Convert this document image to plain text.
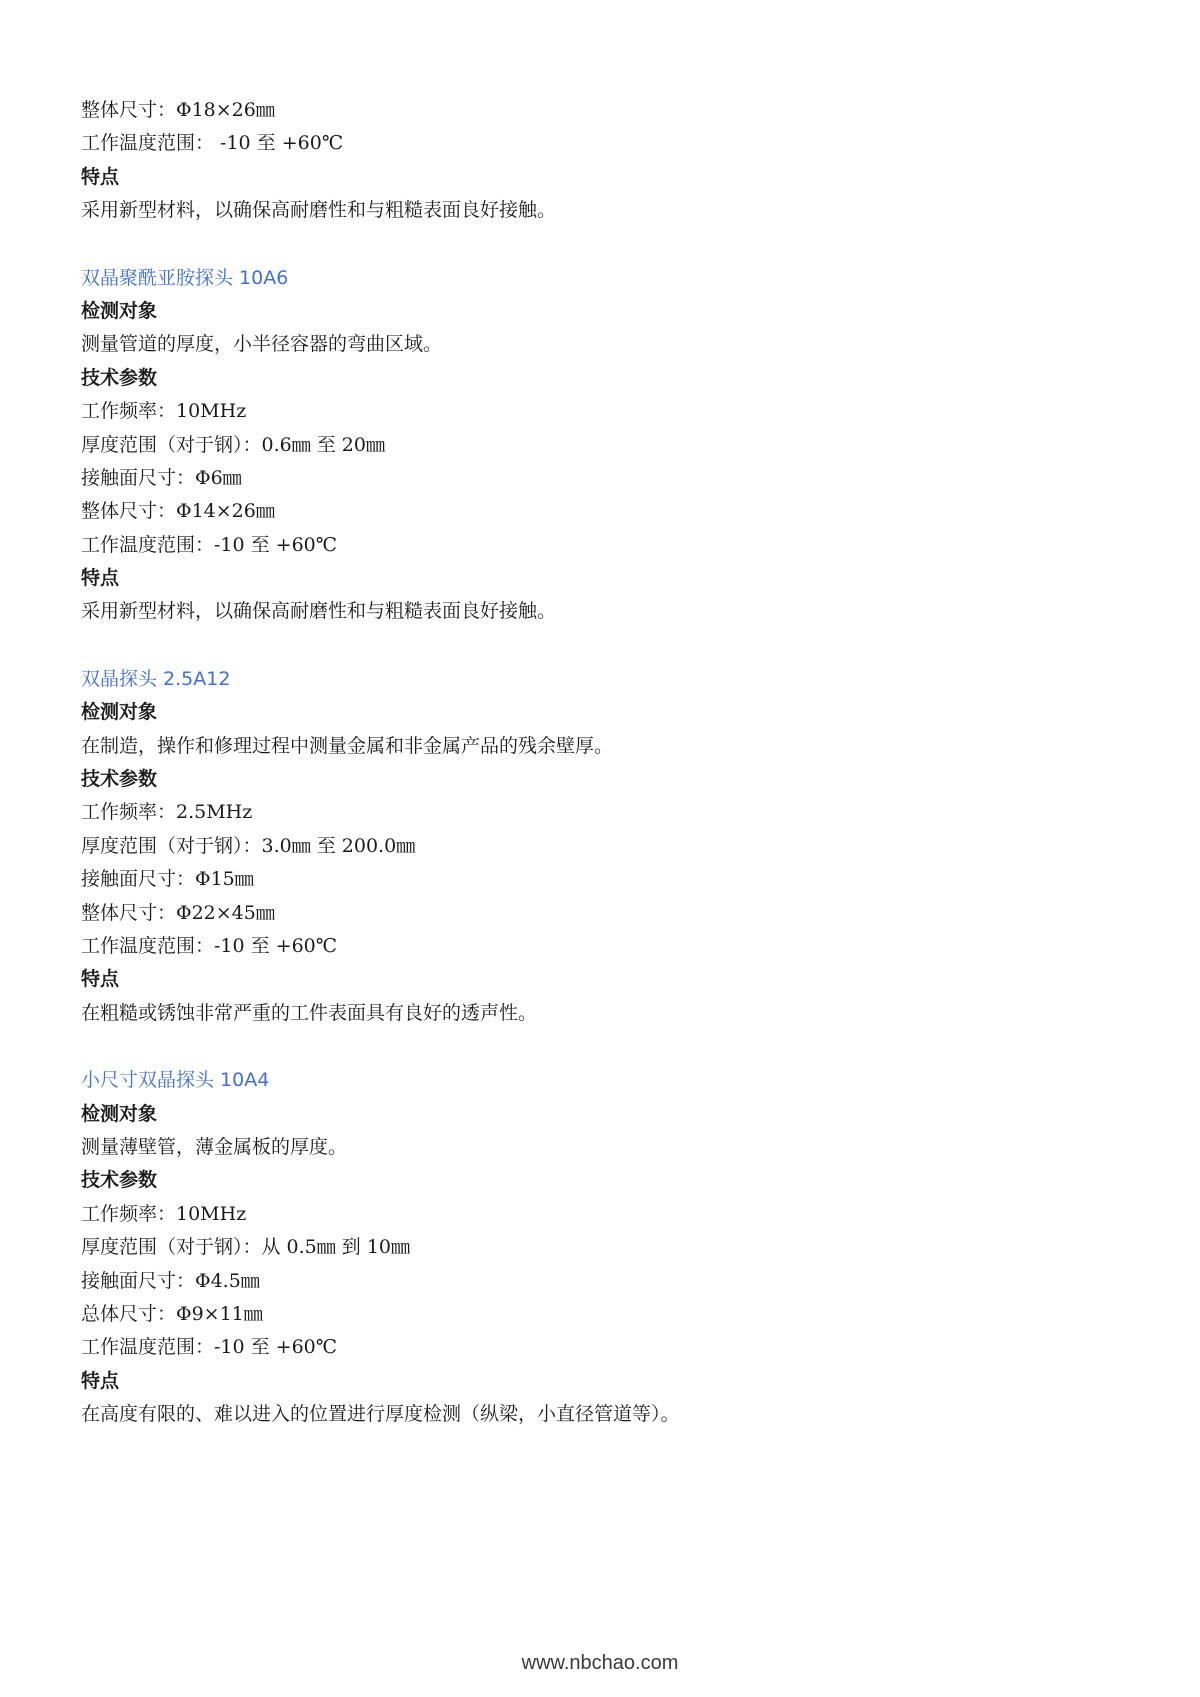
整体尺寸：Φ18×26㎜
工作温度范围： -10 至 +60℃
特点
采用新型材料，以确保高耐磨性和与粗糙表面良好接触。
双晶聚酰亚胺探头 10A6
检测对象
测量管道的厚度，小半径容器的弯曲区域。
技术参数
工作频率：10MHz
厚度范围（对于钢）：0.6㎜ 至 20㎜
接触面尺寸：Φ6㎜
整体尺寸：Φ14×26㎜
工作温度范围：-10 至 +60℃
特点
采用新型材料，以确保高耐磨性和与粗糙表面良好接触。
双晶探头 2.5A12
检测对象
在制造，操作和修理过程中测量金属和非金属产品的残余壁厚。
技术参数
工作频率：2.5MHz
厚度范围（对于钢）：3.0㎜ 至 200.0㎜
接触面尺寸：Φ15㎜
整体尺寸：Φ22×45㎜
工作温度范围：-10 至 +60℃
特点
在粗糙或锈蚀非常严重的工件表面具有良好的透声性。
小尺寸双晶探头 10A4
检测对象
测量薄壁管，薄金属板的厚度。
技术参数
工作频率：10MHz
厚度范围（对于钢）：从 0.5㎜ 到 10㎜
接触面尺寸：Φ4.5㎜
总体尺寸：Φ9×11㎜
工作温度范围：-10 至 +60℃
特点
在高度有限的、难以进入的位置进行厚度检测（纵梁，小直径管道等）。
www.nbchao.com
